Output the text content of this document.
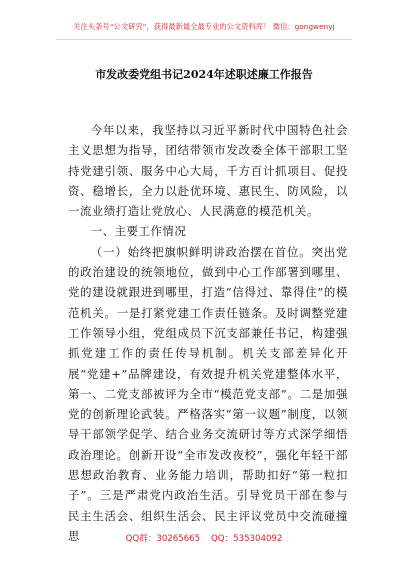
关注头条号“公文研究”，获得最新最全最专业的公文资料库！ 微信：gongwenyj
市发改委党组书记2024年述职述廉工作报告

今年以来，我坚持以习近平新时代中国特色社会主义思想为指导，团结带领市发改委全体干部职工坚持党建引领、服务中心大局，千方百计抓项目、促投资、稳增长，全力以赴优环境、惠民生、防风险，以一流业绩打造让党放心、人民满意的模范机关。

一、主要工作情况

（一）始终把旗帜鲜明讲政治摆在首位。突出党的政治建设的统领地位，做到中心工作部署到哪里、党的建设就跟进到哪里，打造“信得过、靠得住”的模范机关。一是打紧党建工作责任链条。及时调整党建工作领导小组，党组成员下沉支部兼任书记，构建强抓党建工作的责任传导机制。机关支部差异化开展“党建+”品牌建设，有效提升机关党建整体水平，第一、二党支部被评为全市“模范党支部”。二是加强党的创新理论武装。严格落实“第一议题”制度，以领导干部领学促学、结合业务交流研讨等方式深学细悟政治理论。创新开设“全市发改夜校”，强化年轻干部思想政治教育、业务能力培训，帮助扣好“第一粒扣子”。三是严肃党内政治生活。引导党员干部在参与民主生活会、组织生活会、民主评议党员中交流碰撞思	QQ群：30265665    QQ：535304092
